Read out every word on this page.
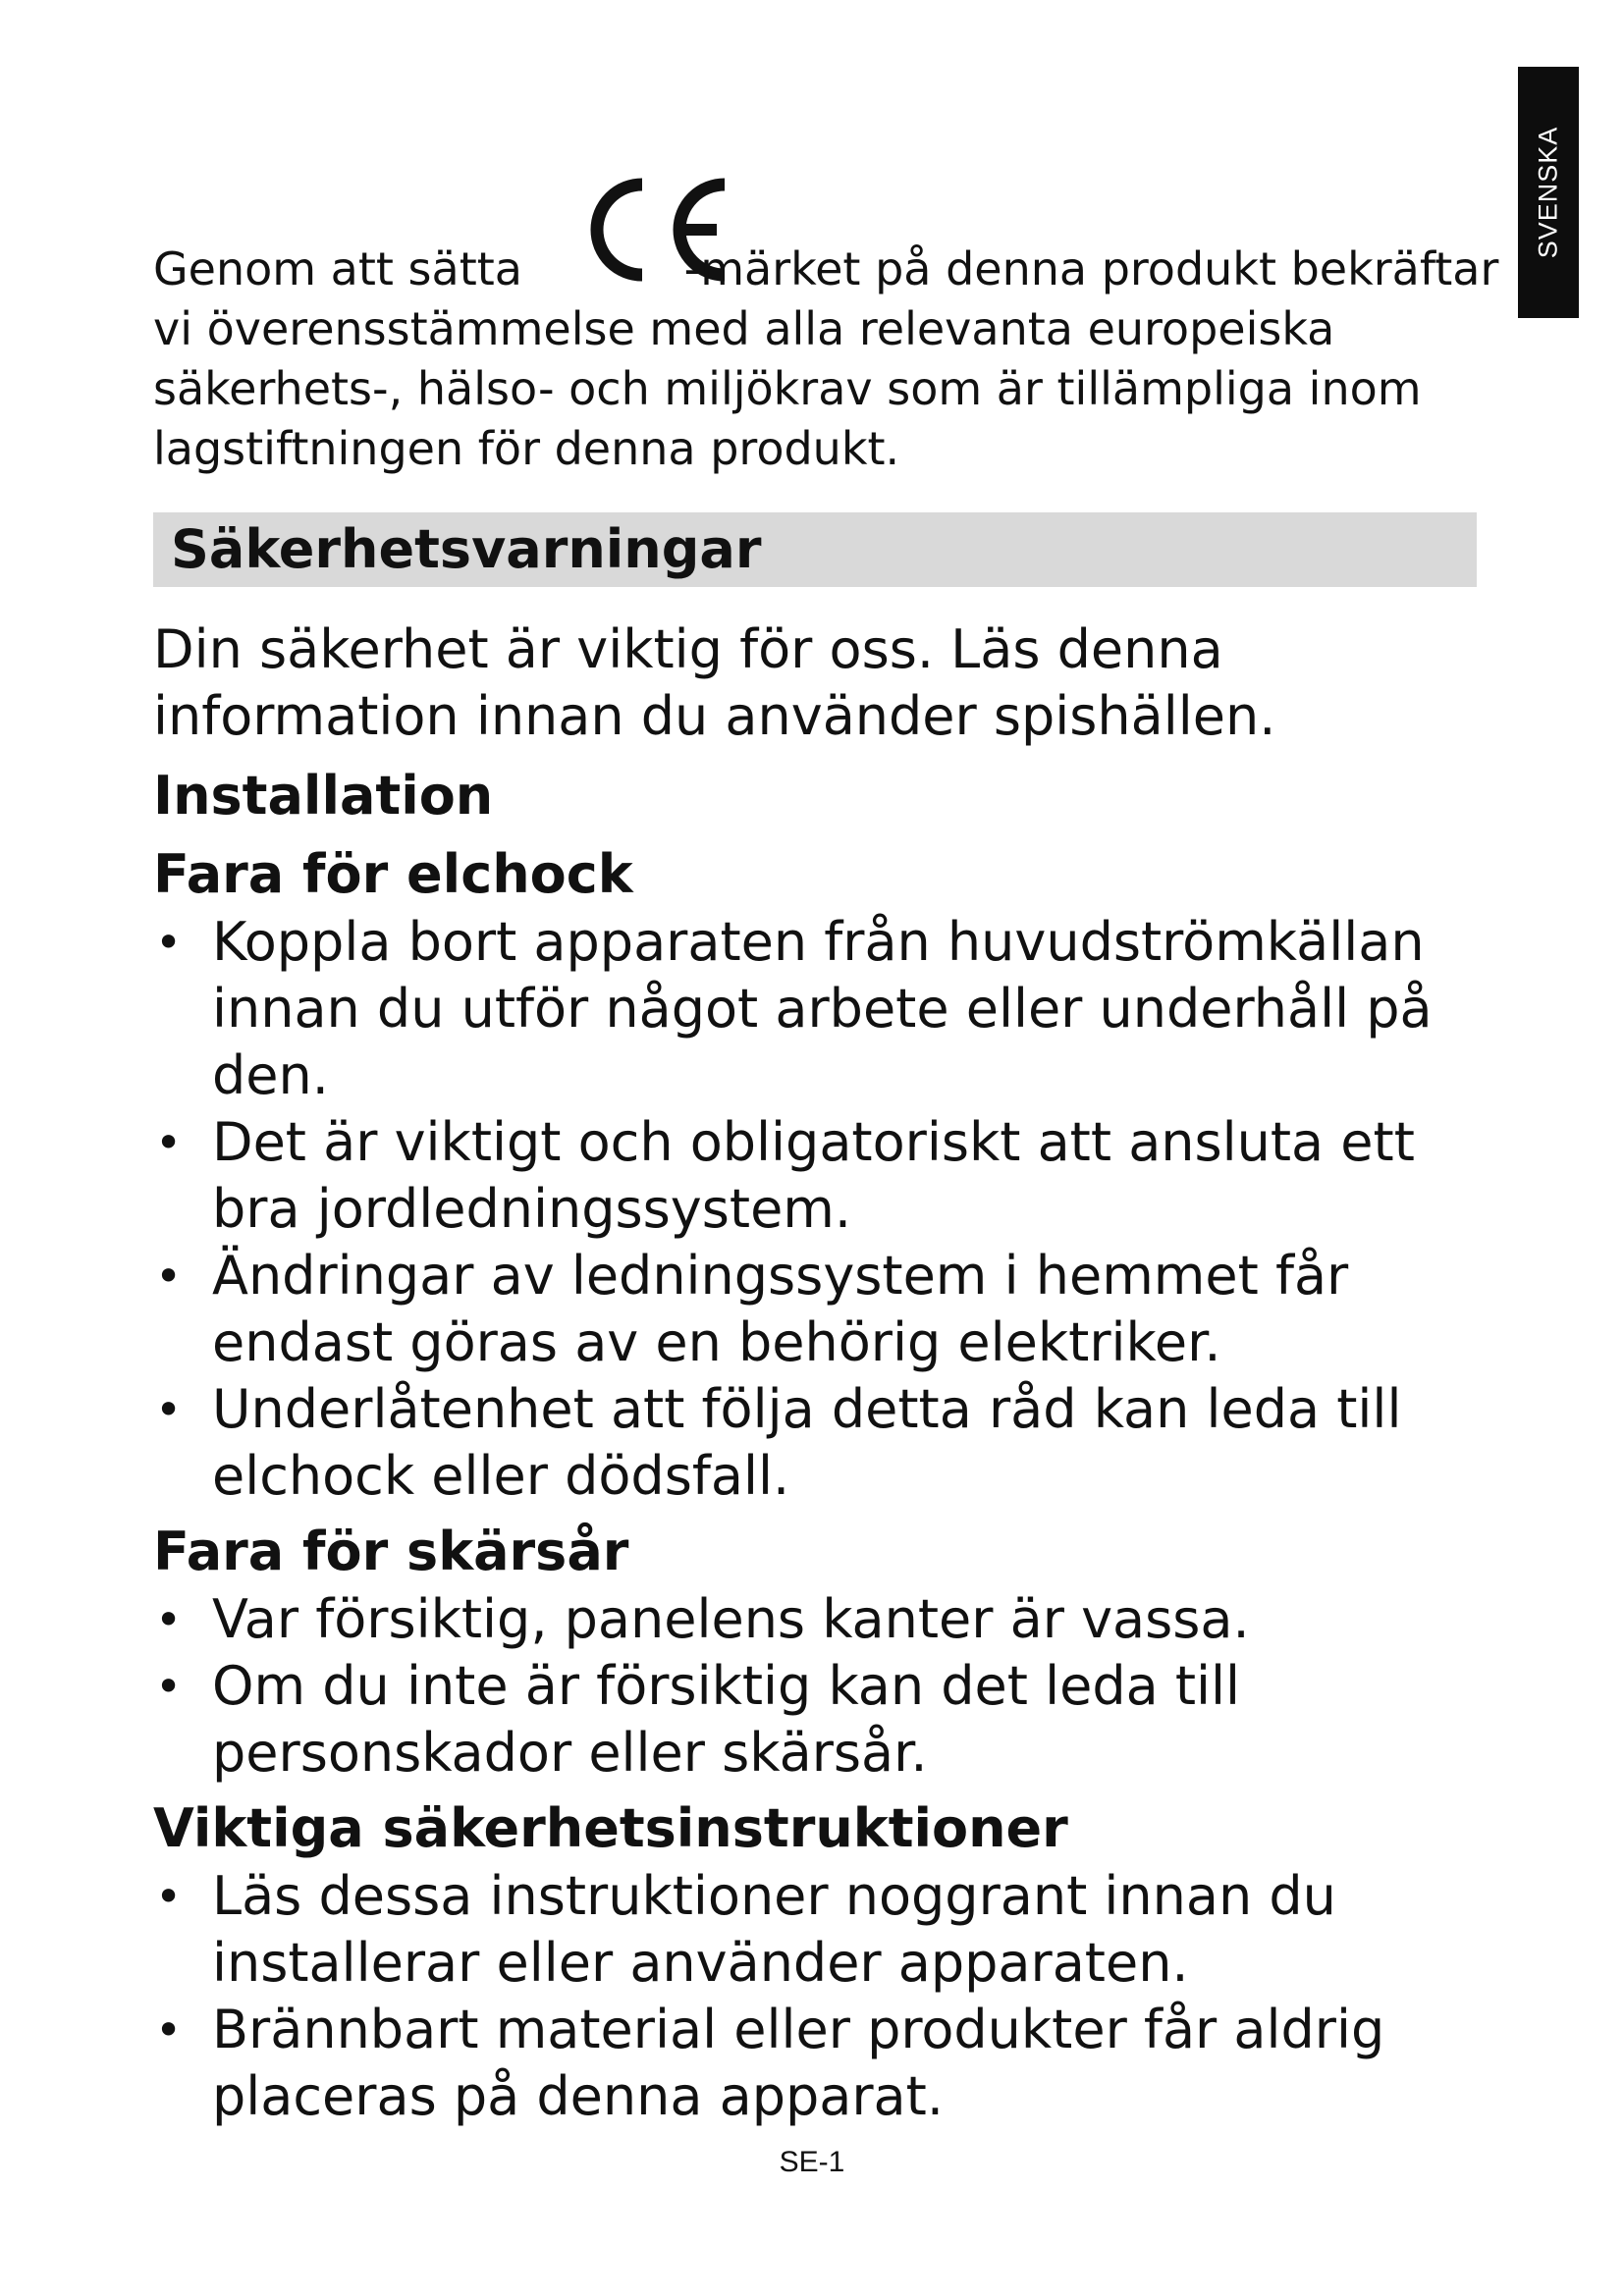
SVENSKA

Genom att sätta	-märket på denna produkt bekräftar vi överensstämmelse med alla relevanta europeiska säkerhets-, hälso- och miljökrav som är tillämpliga inom lagstiftningen för denna produkt.

Säkerhetsvarningar

Din säkerhet är viktig för oss. Läs denna information innan du använder spishällen.

Installation
Fara för elchock
• Koppla bort apparaten från huvudströmkällan innan du utför något arbete eller underhåll på den.
• Det är viktigt och obligatoriskt att ansluta ett bra jordledningssystem.
• Ändringar av ledningssystem i hemmet får endast göras av en behörig elektriker.
• Underlåtenhet att följa detta råd kan leda till elchock eller dödsfall.
Fara för skärsår
• Var försiktig, panelens kanter är vassa.
• Om du inte är försiktig kan det leda till personskador eller skärsår.
Viktiga säkerhetsinstruktioner
• Läs dessa instruktioner noggrant innan du installerar eller använder apparaten.
• Brännbart material eller produkter får aldrig placeras på denna apparat.
SE-1
